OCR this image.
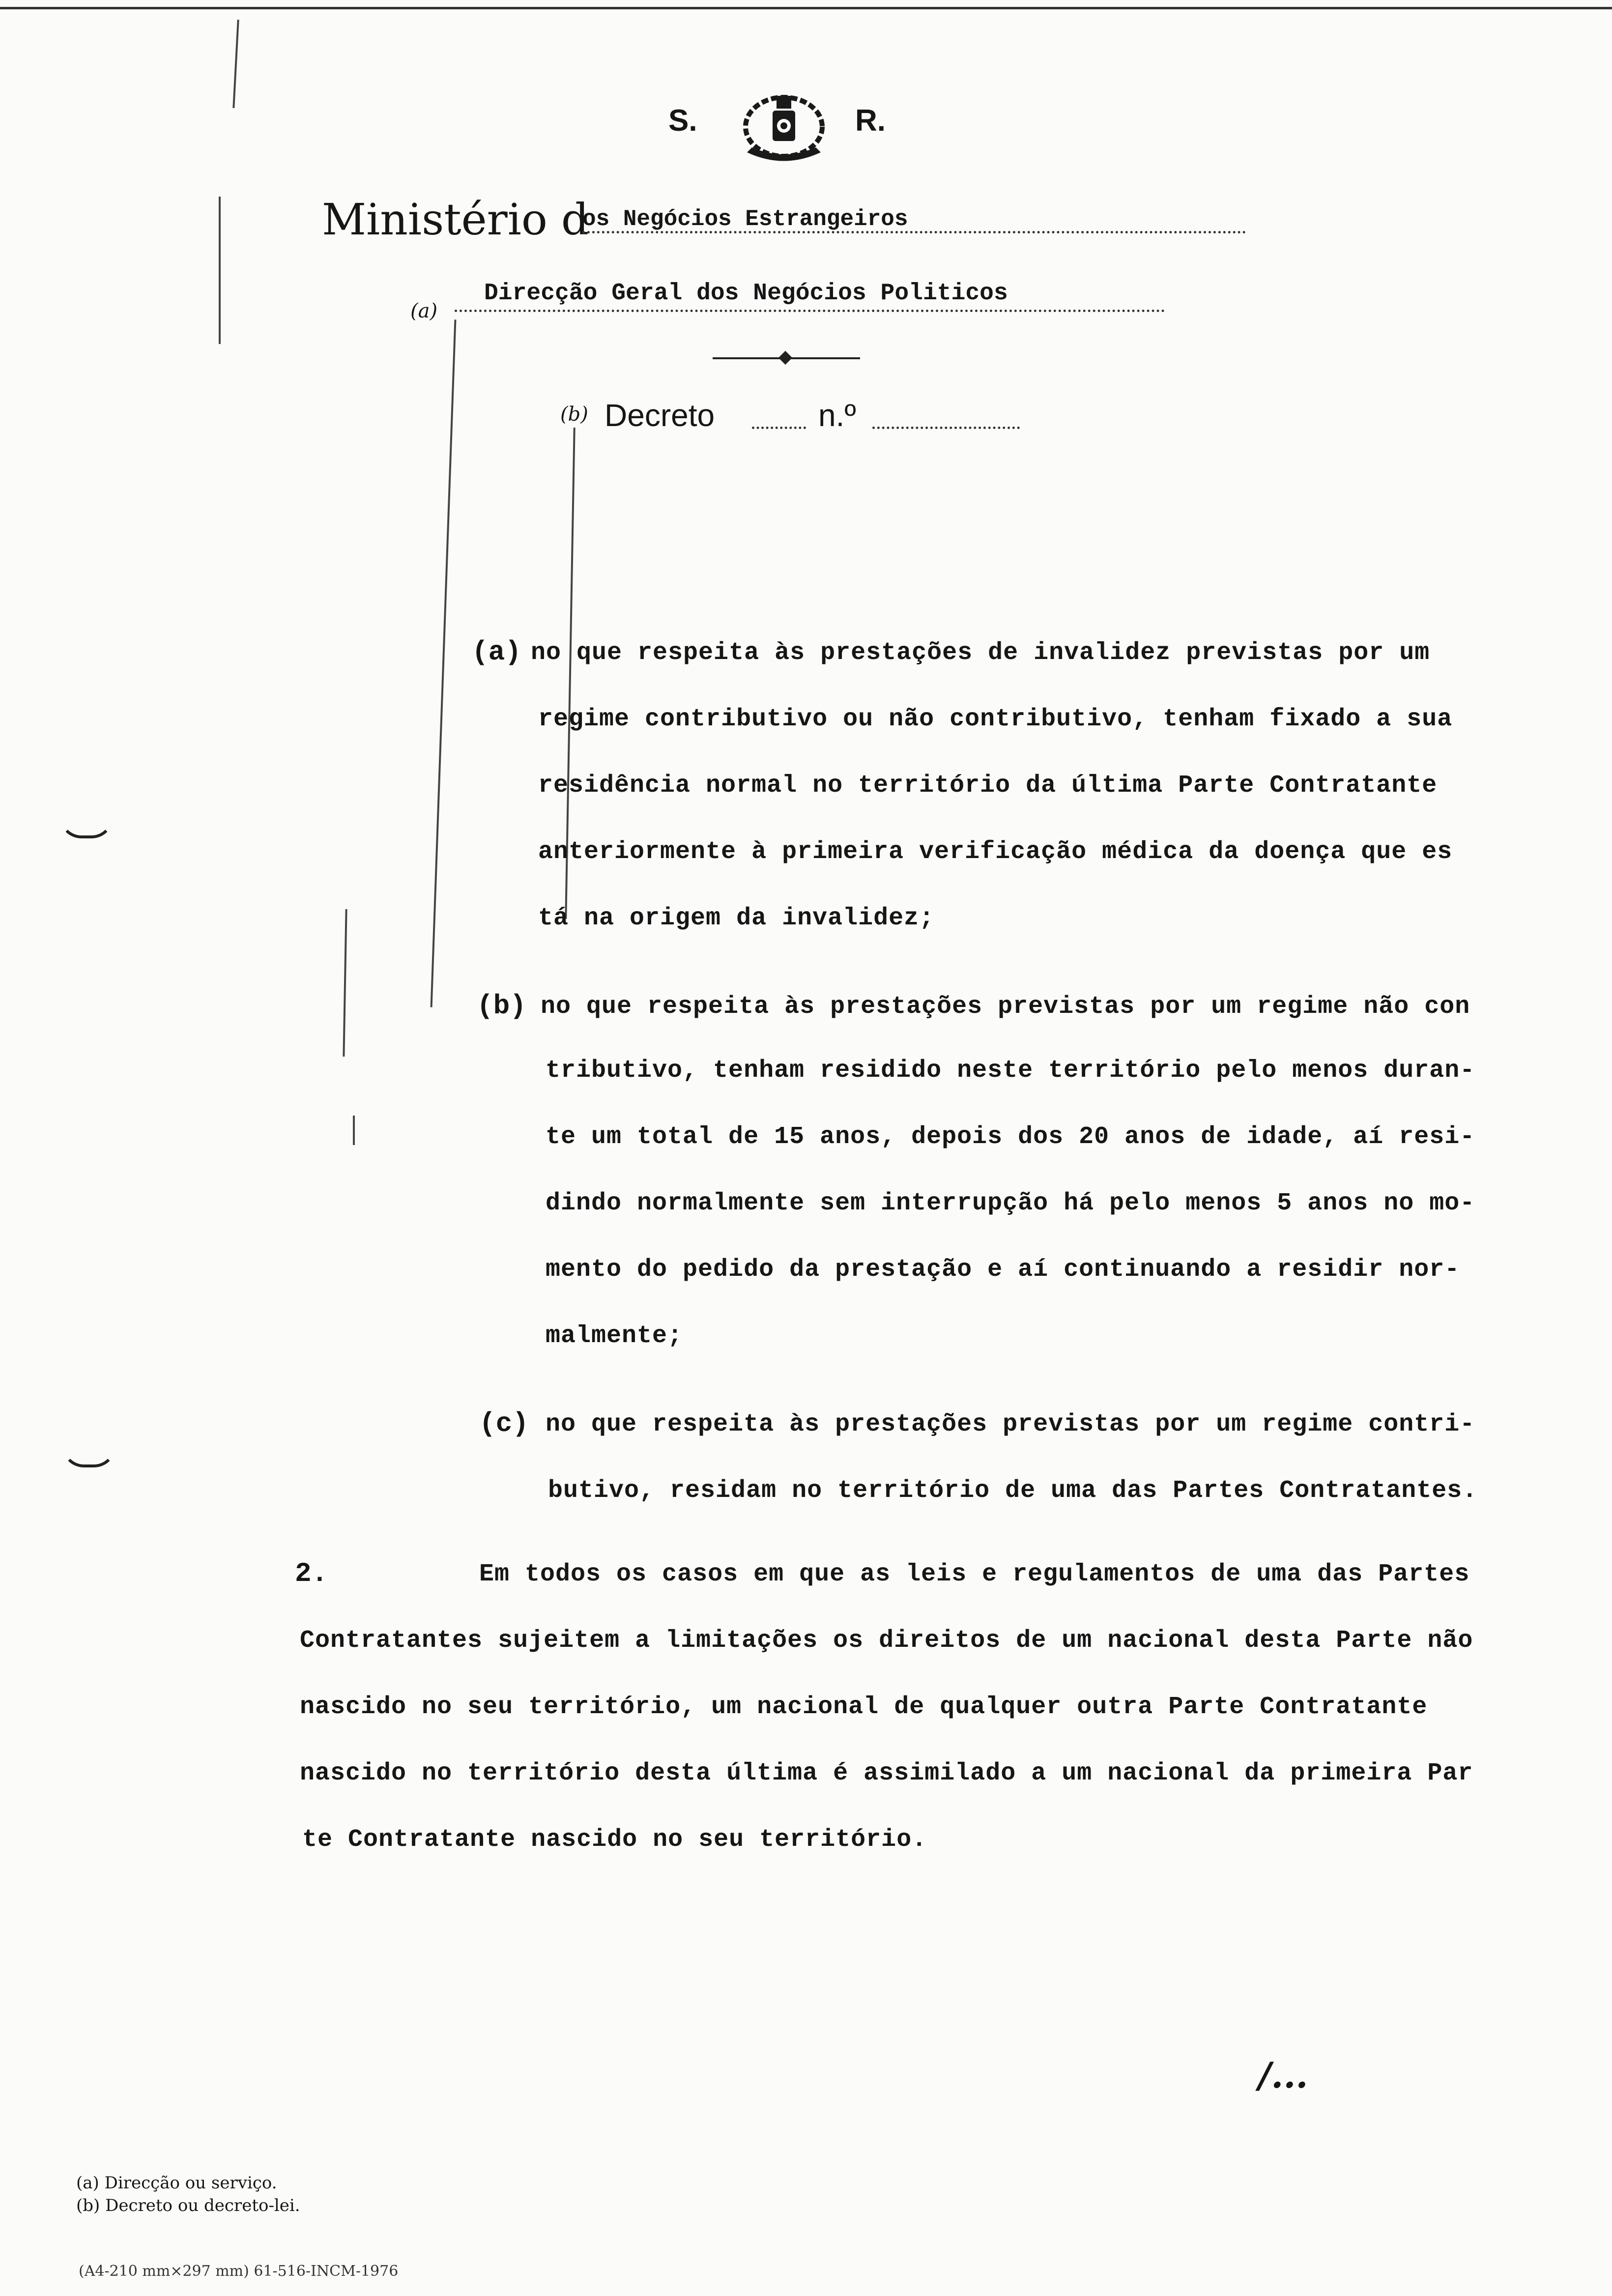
S.	R.
Ministério d
os Negócios Estrangeiros
(a)
Direcção Geral dos Negócios Politicos
(b) Decreto	n.º
(a) no que respeita às prestações de invalidez previstas por um
regime contributivo ou não contributivo, tenham fixado a sua
residência normal no território da última Parte Contratante
anteriormente à primeira verificação médica da doença que es
tá na origem da invalidez;
(b) no que respeita às prestações previstas por um regime não con
tributivo, tenham residido neste território pelo menos duran-
te um total de 15 anos, depois dos 20 anos de idade, aí resi-
dindo normalmente sem interrupção há pelo menos 5 anos no mo-
mento do pedido da prestação e aí continuando a residir nor-
malmente;
(c) no que respeita às prestações previstas por um regime contri-
butivo, residam no território de uma das Partes Contratantes.
2.	Em todos os casos em que as leis e regulamentos de uma das Partes
Contratantes sujeitem a limitações os direitos de um nacional desta Parte não
nascido no seu território, um nacional de qualquer outra Parte Contratante
nascido no território desta última é assimilado a um nacional da primeira Par
te Contratante nascido no seu território.
/...
(a) Direcção ou serviço.
(b) Decreto ou decreto-lei.
(A4-210 mm×297 mm) 61-516-INCM-1976
